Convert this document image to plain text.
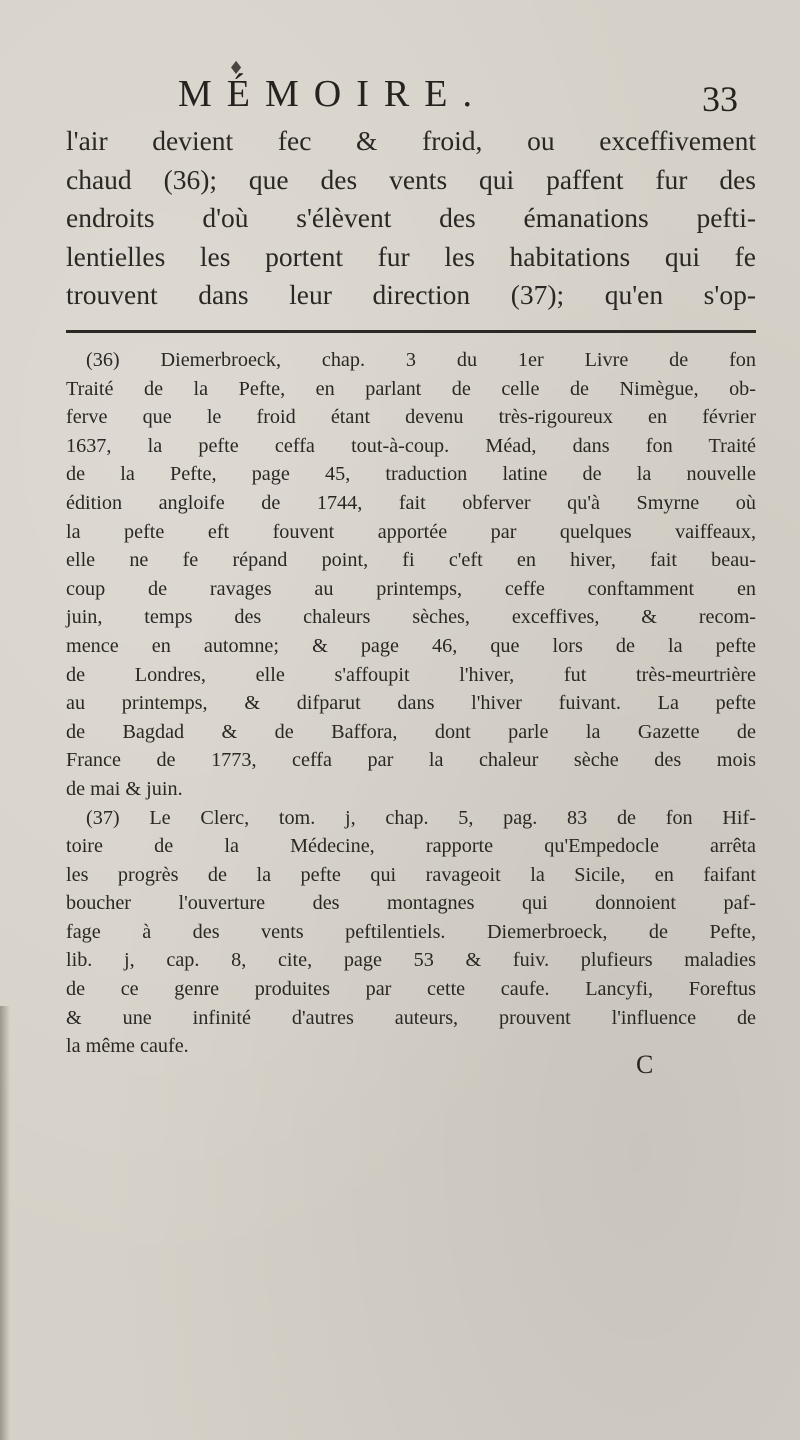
♦
MÉMOIRE.	33
l'air devient fec & froid, ou exceffivement
chaud (36); que des vents qui paffent fur des
endroits d'où s'élèvent des émanations pefti-
lentielles les portent fur les habitations qui fe
trouvent dans leur direction (37); qu'en s'op-
(36) Diemerbroeck, chap. 3 du 1er Livre de fon
Traité de la Pefte, en parlant de celle de Nimègue, ob-
ferve que le froid étant devenu très-rigoureux en février
1637, la pefte ceffa tout-à-coup. Méad, dans fon Traité
de la Pefte, page 45, traduction latine de la nouvelle
édition angloife de 1744, fait obferver qu'à Smyrne où
la pefte eft fouvent apportée par quelques vaiffeaux,
elle ne fe répand point, fi c'eft en hiver, fait beau-
coup de ravages au printemps, ceffe conftamment en
juin, temps des chaleurs sèches, exceffives, & recom-
mence en automne; & page 46, que lors de la pefte
de Londres, elle s'affoupit l'hiver, fut très-meurtrière
au printemps, & difparut dans l'hiver fuivant. La pefte
de Bagdad & de Baffora, dont parle la Gazette de
France de 1773, ceffa par la chaleur sèche des mois
de mai & juin.
(37) Le Clerc, tom. j, chap. 5, pag. 83 de fon Hif-
toire de la Médecine, rapporte qu'Empedocle arrêta
les progrès de la pefte qui ravageoit la Sicile, en faifant
boucher l'ouverture des montagnes qui donnoient paf-
fage à des vents peftilentiels. Diemerbroeck, de Pefte,
lib. j, cap. 8, cite, page 53 & fuiv. plufieurs maladies
de ce genre produites par cette caufe. Lancyfi, Foreftus
& une infinité d'autres auteurs, prouvent l'influence de
la même caufe.
C
